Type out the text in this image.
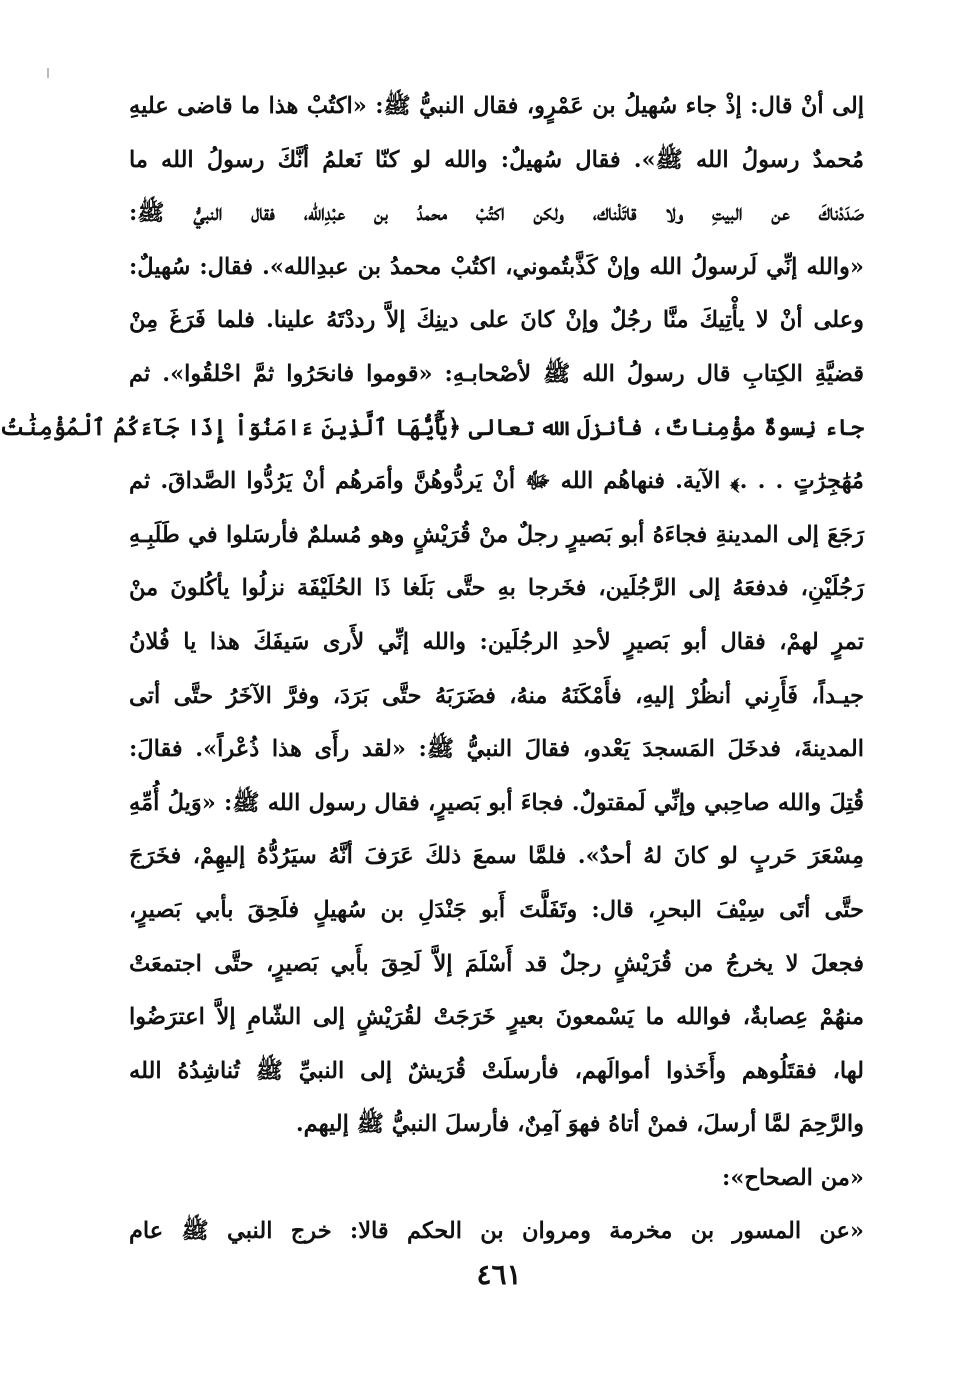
إلى أنْ قال: إذْ جاء سُهيلُ بن عَمْرٍو، فقال النبيُّ ﷺ: «اكتُبْ هذا ما قاضى عليهِ
مُحمدٌ رسولُ الله ﷺ». فقال سُهيلٌ: والله لو كنّا نَعلمُ أنَّكَ رسولُ الله ما
صَدَدْناكَ عن البيتِ ولا قاتَلْناك، ولكن اكتُبْ محمدُ بن عبْدِالله، فقال النبيُّ ﷺ:
«والله إنِّي لَرسولُ الله وإنْ كَذَّبتُموني، اكتُبْ محمدُ بن عبدِالله». فقال: سُهيلٌ:
وعلى أنْ لا يأْتِيكَ منَّا رجُلٌ وإنْ كانَ على دينِكَ إلاَّ رددْتَهُ علينا. فلما فَرَغَ مِنْ
قضيَّةِ الكِتابِ قال رسولُ الله ﷺ لأصْحابـهِ: «قوموا فانحَرُوا ثمَّ احْلقُوا». ثم
جاء نِسوةٌ مؤْمِناتٌ، فأنزلَ الله تعالى ﴿يَٰٓأَيُّهَا ٱلَّذِينَ ءَامَنُوٓاْ إِذَا جَآءَكُمُ ٱلْمُؤْمِنَٰتُ
مُهَٰجِرَٰتٍ . . .﴾ الآية. فنهاهُم الله ﷻ أنْ يَردُّوهُنَّ وأمَرهُم أنْ يَرُدُّوا الصَّداقَ. ثم
رَجَعَ إلى المدينةِ فجاءَهُ أبو بَصيرٍ رجلٌ منْ قُرَيْشٍ وهو مُسلمٌ فأرسَلوا في طَلَبِـهِ
رَجُلَيْنِ، فدفعَهُ إلى الرَّجُلَين، فخَرجا بهِ حتَّى بَلَغا ذَا الحُلَيْفَة نزلُوا يأكُلونَ منْ
تمرٍ لهمْ، فقال أبو بَصيرٍ لأحدِ الرجُلَين: والله إنِّي لأَرى سَيفَكَ هذا يا فُلانُ
جيـداً، فَأَرِني أنظُرْ إليهِ، فأَمْكَنَهُ منهُ، فضَرَبَهُ حتَّى بَرَدَ، وفرَّ الآخَرُ حتَّى أتى
المدينةَ، فدخَلَ المَسجدَ يَعْدو، فقالَ النبيُّ ﷺ: «لقد رأَى هذا ذُعْراً». فقالَ:
قُتِلَ والله صاحِبي وإنِّي لَمقتولٌ. فجاءَ أبو بَصيرٍ، فقال رسول الله ﷺ: «وَيلُ أُمِّهِ
مِسْعَرَ حَربٍ لو كانَ لهُ أحدٌ». فلمَّا سمعَ ذلكَ عَرَفَ أنَّهُ سيَرُدُّهُ إليهِمْ، فخَرَجَ
حتَّى أتَى سِيْفَ البحرِ، قال: وتَفَلَّتَ أَبو جَنْدَلِ بن سُهيلٍ فلَحِقَ بأبي بَصيرٍ،
فجعلَ لا يخرجُ من قُرَيْشٍ رجلٌ قد أَسْلَمَ إلاَّ لَحِقَ بأَبي بَصيرٍ، حتَّى اجتمعَتْ
منهُمْ عِصابةٌ، فوالله ما يَسْمعونَ بعيرٍ خَرَجَتْ لقُرَيْشٍ إلى الشّامِ إلاَّ اعترَضُوا
لها، فقتَلُوهم وأَخَذوا أموالَهم، فأرسلَتْ قُرَيشٌ إلى النبيِّ ﷺ تُناشِدُهُ الله
والرَّحِمَ لمَّا أرسلَ، فمنْ أتاهُ فهوَ آمِنٌ، فأرسلَ النبيُّ ﷺ إليهم.
«من الصحاح»:
«عن المسور بن مخرمة ومروان بن الحكم قالا: خرج النبي ﷺ عام
٤٦١
